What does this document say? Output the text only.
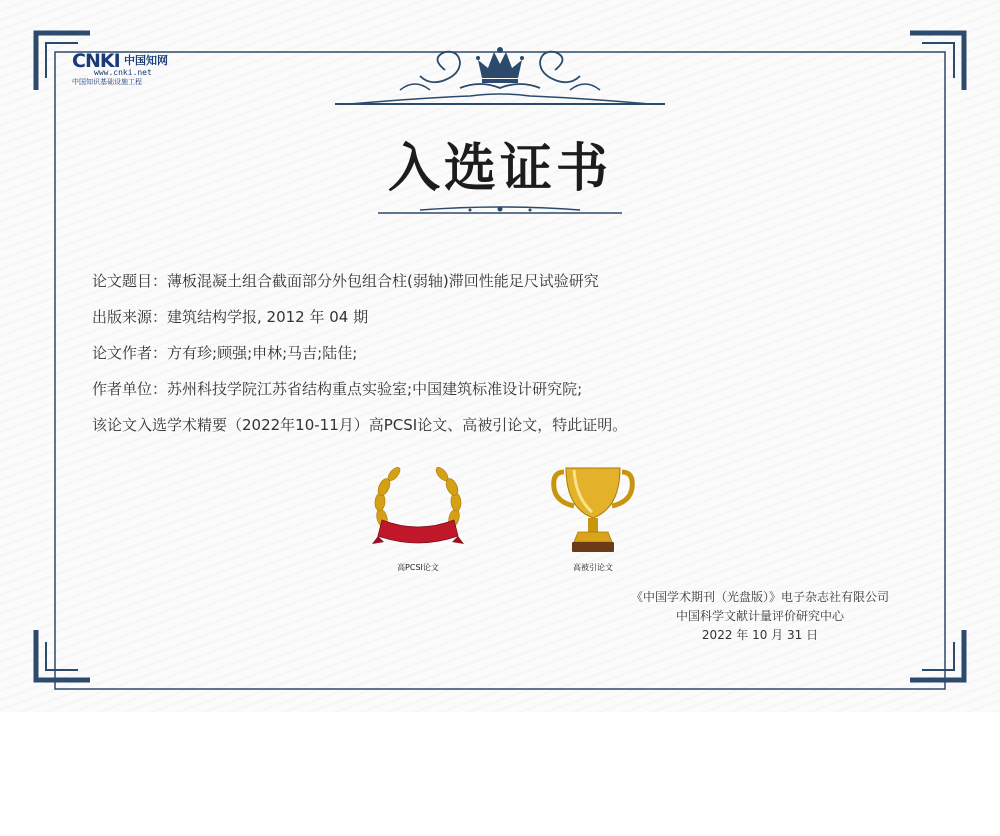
CNKI 中国知网
www.cnki.net
中国知识基础设施工程
入选证书
论文题目：薄板混凝土组合截面部分外包组合柱(弱轴)滞回性能足尺试验研究
出版来源：建筑结构学报, 2012 年 04 期
论文作者：方有珍;顾强;申林;马吉;陆佳;
作者单位：苏州科技学院江苏省结构重点实验室;中国建筑标准设计研究院;
该论文入选学术精要（2022年10-11月）高PCSI论文、高被引论文，特此证明。
高PCSI论文	高被引论文
《中国学术期刊（光盘版）》电子杂志社有限公司
中国科学文献计量评价研究中心
2022 年 10 月 31 日
